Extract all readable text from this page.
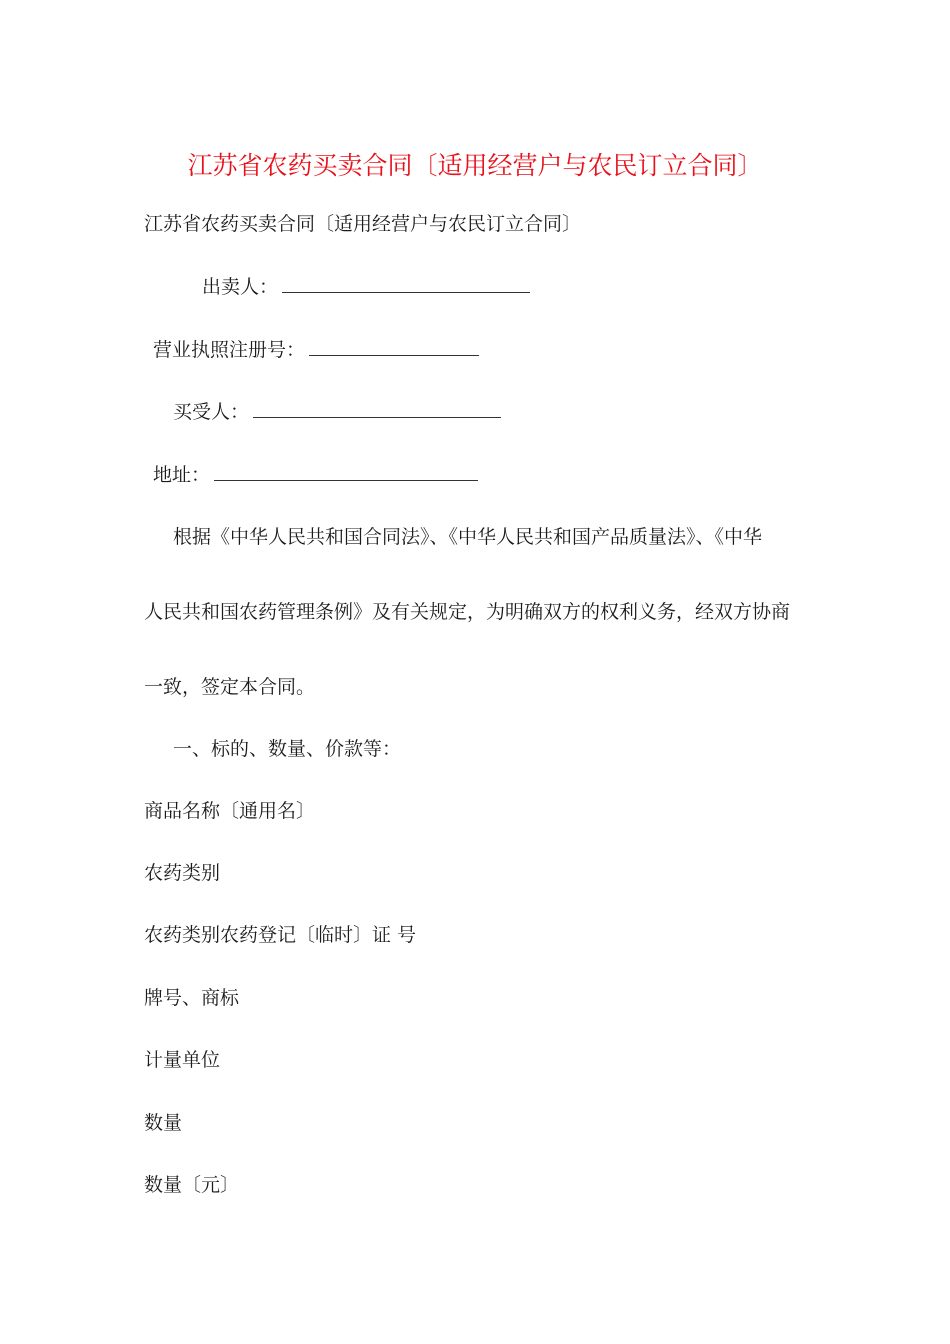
江苏省农药买卖合同〔适用经营户与农民订立合同〕
江苏省农药买卖合同〔适用经营户与农民订立合同〕
出卖人：
营业执照注册号：
买受人：
地址：
根据《中华人民共和国合同法》、《中华人民共和国产品质量法》、《中华
人民共和国农药管理条例》及有关规定，为明确双方的权利义务，经双方协商
一致，签定本合同。
一、标的、数量、价款等：
商品名称〔通用名〕
农药类别
农药类别农药登记〔临时〕证 号
牌号、商标
计量单位
数量
数量〔元〕
